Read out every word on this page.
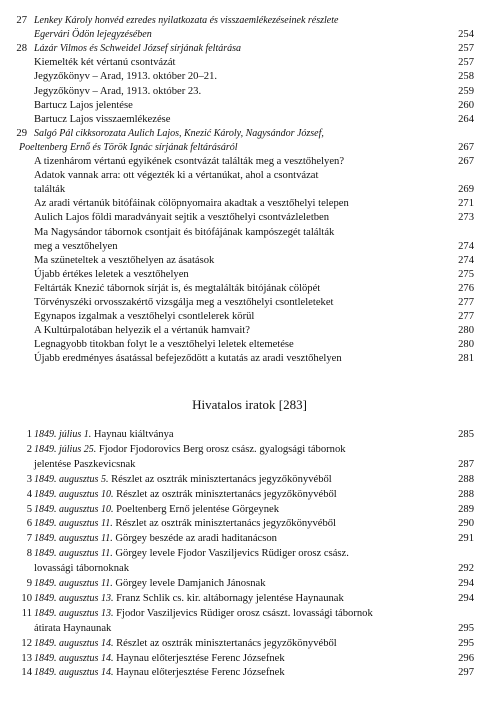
27 Lenkey Károly honvéd ezredes nyilatkozata és visszaemlékezéseinek részlete
Egervári Ödön lejegyzésében	254
28 Lázár Vilmos és Schweidel József sírjának feltárása	257
Kiemelték két vértanú csontvázát	257
Jegyzőkönyv – Arad, 1913. október 20–21.	258
Jegyzőkönyv – Arad, 1913. október 23.	259
Bartucz Lajos jelentése	260
Bartucz Lajos visszaemlékezése	264
29 Salgó Pál cikksorozata Aulich Lajos, Knezić Károly, Nagysándor József,
Poeltenberg Ernő és Török Ignác sírjának feltárásáról	267
A tizenhárom vértanú egyikének csontvázát találták meg a vesztőhelyen?	267
Adatok vannak arra: ott végezték ki a vértanúkat, ahol a csontvázat
találták	269
Az aradi vértanúk bitófáinak cölöpnyomaira akadtak a vesztőhelyi telepen	271
Aulich Lajos földi maradványait sejtik a vesztőhelyi csontvázleletben	273
Ma Nagysándor tábornok csontjait és bitófájának kampószegét találták
meg a vesztőhelyen	274
Ma szüneteltek a vesztőhelyen az ásatások	274
Újabb értékes leletek a vesztőhelyen	275
Feltárták Knezić tábornok sírját is, és megtalálták bitójának cölöpét	276
Törvényszéki orvosszakértő vizsgálja meg a vesztőhelyi csontleleteket	277
Egynapos izgalmak a vesztőhelyi csontlelerek körül	277
A Kultúrpalotában helyezik el a vértanúk hamvait?	280
Legnagyobb titokban folyt le a vesztőhelyi leletek eltemetése	280
Újabb eredményes ásatással befejeződött a kutatás az aradi vesztőhelyen	281
Hivatalos iratok [283]
1 1849. július 1. Haynau kiáltványa	285
2 1849. július 25. Fjodor Fjodorovics Berg orosz csász. gyalogsági tábornok
jelentése Paszkevicsnak	287
3 1849. augusztus 5. Részlet az osztrák minisztertanács jegyzőkönyvéből	288
4 1849. augusztus 10. Részlet az osztrák minisztertanács jegyzőkönyvéből	288
5 1849. augusztus 10. Poeltenberg Ernő jelentése Görgeynek	289
6 1849. augusztus 11. Részlet az osztrák minisztertanács jegyzőkönyvéből	290
7 1849. augusztus 11. Görgey beszéde az aradi haditanácson	291
8 1849. augusztus 11. Görgey levele Fjodor Vasziljevics Rüdiger orosz csász.
lovassági tábornoknak	292
9 1849. augusztus 11. Görgey levele Damjanich Jánosnak	294
10 1849. augusztus 13. Franz Schlik cs. kir. altábornagy jelentése Haynaunak	294
11 1849. augusztus 13. Fjodor Vasziljevics Rüdiger orosz császt. lovassági tábornok
átirata Haynaunak	295
12 1849. augusztus 14. Részlet az osztrák minisztertanács jegyzőkönyvéből	295
13 1849. augusztus 14. Haynau előterjesztése Ferenc Józsefnek	296
14 1849. augusztus 14. Haynau előterjesztése Ferenc Józsefnek	297
